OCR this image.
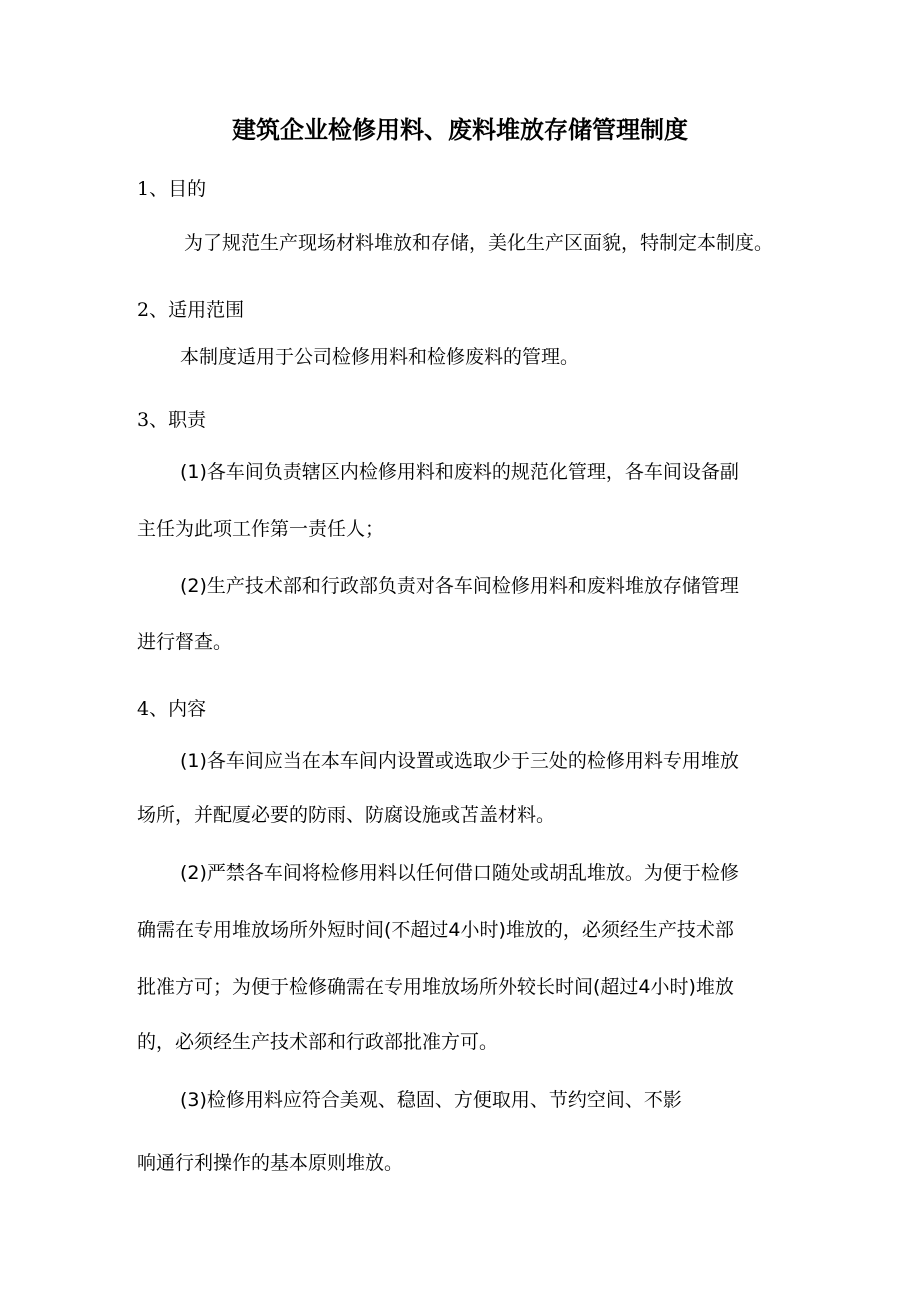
建筑企业检修用料、废料堆放存储管理制度
1、目的
为了规范生产现场材料堆放和存储，美化生产区面貌，特制定本制度。
2、适用范围
本制度适用于公司检修用料和检修废料的管理。
3、职责
(1)各车间负责辖区内检修用料和废料的规范化管理，各车间设备副
主任为此项工作第一责任人；
(2)生产技术部和行政部负责对各车间检修用料和废料堆放存储管理
进行督查。
4、内容
(1)各车间应当在本车间内设置或选取少于三处的检修用料专用堆放
场所，并配厦必要的防雨、防腐设施或苫盖材料。
(2)严禁各车间将检修用料以任何借口随处或胡乱堆放。为便于检修
确需在专用堆放场所外短时间(不超过4小时)堆放的，必须经生产技术部
批准方可；为便于检修确需在专用堆放场所外较长时间(超过4小时)堆放
的，必须经生产技术部和行政部批准方可。
(3)检修用料应符合美观、稳固、方便取用、节约空间、不影
响通行利操作的基本原则堆放。
